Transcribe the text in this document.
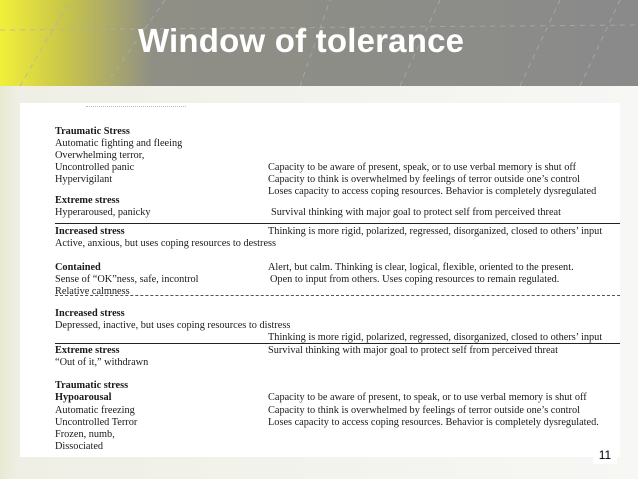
Window of tolerance
Traumatic Stress
Automatic fighting and fleeing
Overwhelming terror,
Uncontrolled panic
Hypervigilant
Extreme stress
Hyperaroused, panicky
Increased stress
Active, anxious, but uses coping resources to destress
Contained
Sense of “OK”ness, safe, incontrol
Relative calmness
Increased stress
Depressed, inactive, but uses coping resources to distress
Extreme stress
“Out of it,” withdrawn
Traumatic stress
Hypoarousal
Automatic freezing
Uncontrolled Terror
Frozen, numb,
Dissociated
Capacity to be aware of present, speak, or to use verbal memory is shut off
Capacity to think is overwhelmed by feelings of terror outside one’s control
Loses capacity to access coping resources. Behavior is completely dysregulated
Survival thinking with major goal to protect self from perceived threat
Thinking is more rigid, polarized, regressed, disorganized, closed to others’ input
Alert, but calm. Thinking is clear, logical, flexible, oriented to the present.
Open to input from others. Uses coping resources to remain regulated.
Thinking is more rigid, polarized, regressed, disorganized, closed to others’ input
Survival thinking with major goal to protect self from perceived threat
Capacity to be aware of present, to speak, or to use verbal memory is shut off
Capacity to think is overwhelmed by feelings of terror outside one’s control
Loses capacity to access coping resources. Behavior is completely dysregulated.
11
